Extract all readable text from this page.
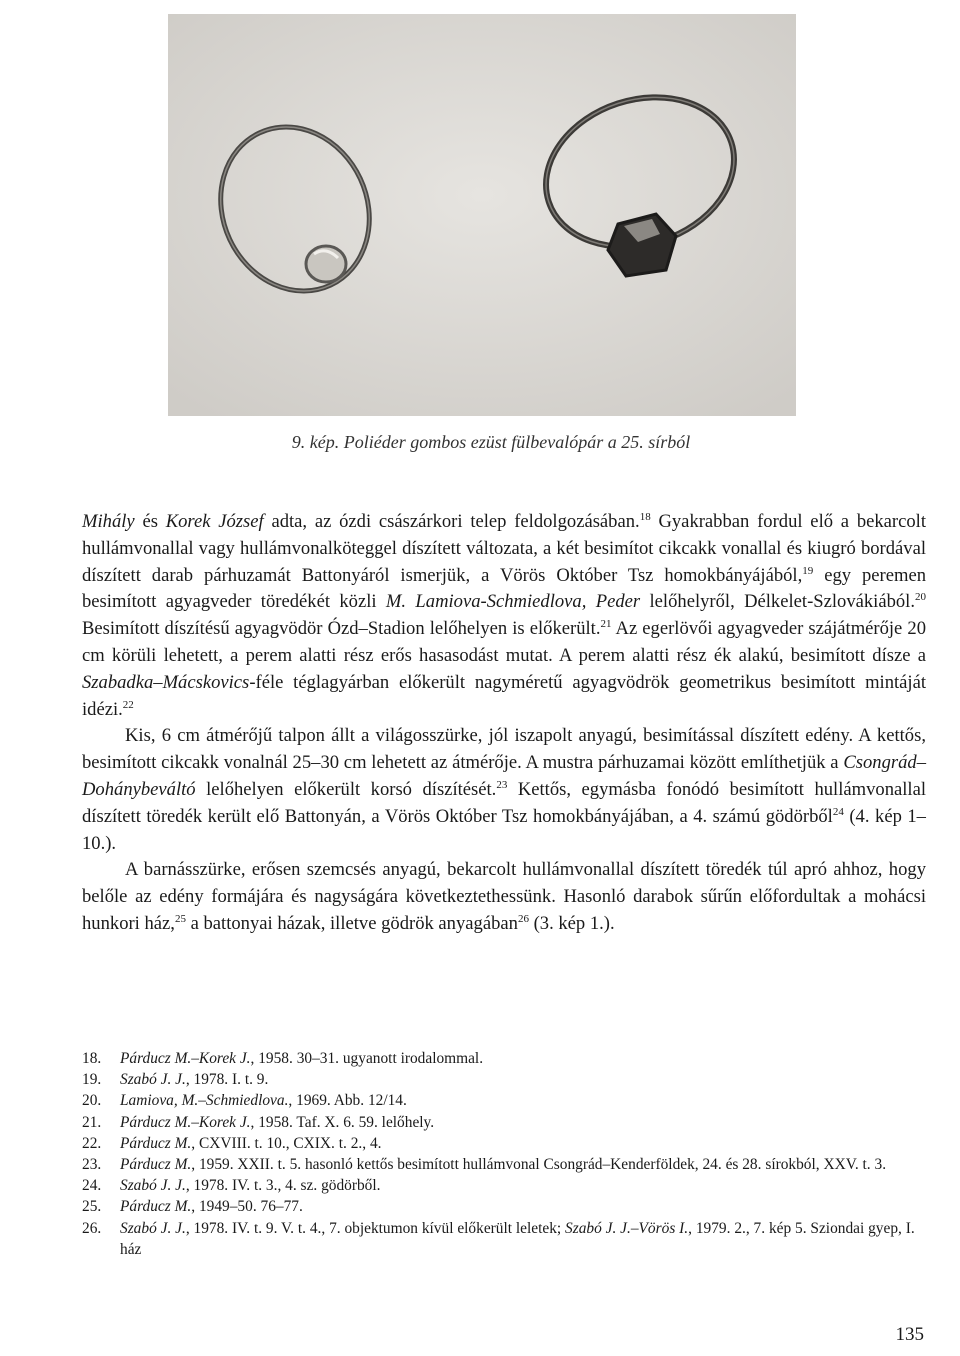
9. kép. Poliéder gombos ezüst fülbevalópár a 25. sírból

Mihály és Korek József adta, az ózdi császárkori telep feldolgozásában.$^{18}$ Gyakrabban fordul elő a bekarcolt hullámvonallal vagy hullámvonalköteggel díszített változata, a két besimítot cikcakk vonallal és kiugró bordával díszített darab párhuzamát Battonyáról ismerjük, a Vörös Október Tsz homokbányájából,$^{19}$ egy peremen besimított agyagveder töredékét közli M. Lamiova-Schmiedlova, Peder lelőhelyről, Délkelet-Szlovákiából.$^{20}$ Besimított díszítésű agyagvödör Ózd–Stadion lelőhelyen is előkerült.$^{21}$ Az egerlövői agyagveder szájátmérője 20 cm körüli lehetett, a perem alatti rész erős hasasodást mutat. A perem alatti rész ék alakú, besimított dísze a Szabadka–Mácskovics-féle téglagyárban előkerült nagyméretű agyagvödrök geometrikus besimított mintáját idézi.$^{22}$

Kis, 6 cm átmérőjű talpon állt a világosszürke, jól iszapolt anyagú, besimítással díszített edény. A kettős, besimított cikcakk vonalnál 25–30 cm lehetett az átmérője. A mustra párhuzamai között említhetjük a Csongrád–Dohánybeváltó lelőhelyen előkerült korsó díszítését.$^{23}$ Kettős, egymásba fonódó besimított hullámvonallal díszített töredék került elő Battonyán, a Vörös Október Tsz homokbányájában, a 4. számú gödörből$^{24}$ (4. kép 1–10.).

A barnásszürke, erősen szemcsés anyagú, bekarcolt hullámvonallal díszített töredék túl apró ahhoz, hogy belőle az edény formájára és nagyságára következtethessünk. Hasonló darabok sűrűn előfordultak a mohácsi hunkori ház,$^{25}$ a battonyai házak, illetve gödrök anyagában$^{26}$ (3. kép 1.).

18.	Párducz M.–Korek J., 1958. 30–31. ugyanott irodalommal.
19.	Szabó J. J., 1978. I. t. 9.
20.	Lamiova, M.–Schmiedlova., 1969. Abb. 12/14.
21.	Párducz M.–Korek J., 1958. Taf. X. 6. 59. lelőhely.
22.	Párducz M., CXVIII. t. 10., CXIX. t. 2., 4.
23.	Párducz M., 1959. XXII. t. 5. hasonló kettős besimított hullámvonal Csongrád–Kenderföldek, 24. és 28. sírokból, XXV. t. 3.
24.	Szabó J. J., 1978. IV. t. 3., 4. sz. gödörből.
25.	Párducz M., 1949–50. 76–77.
26.	Szabó J. J., 1978. IV. t. 9. V. t. 4., 7. objektumon kívül előkerült leletek; Szabó J. J.–Vörös I., 1979. 2., 7. kép 5. Sziondai gyep, I. ház
135
